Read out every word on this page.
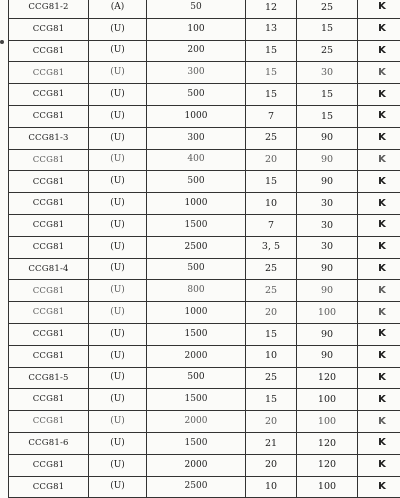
CCG81-2	(A)	50	12	25	K
CCG81	(U)	100	13	15	K
CCG81	(U)	200	15	25	K
CCG81	(U)	300	15	30	K
CCG81	(U)	500	15	15	K
CCG81	(U)	1000	7	15	K
CCG81-3	(U)	300	25	90	K
CCG81	(U)	400	20	90	K
CCG81	(U)	500	15	90	K
CCG81	(U)	1000	10	30	K
CCG81	(U)	1500	7	30	K
CCG81	(U)	2500	3, 5	30	K
CCG81-4	(U)	500	25	90	K
CCG81	(U)	800	25	90	K
CCG81	(U)	1000	20	100	K
CCG81	(U)	1500	15	90	K
CCG81	(U)	2000	10	90	K
CCG81-5	(U)	500	25	120	K
CCG81	(U)	1500	15	100	K
CCG81	(U)	2000	20	100	K
CCG81-6	(U)	1500	21	120	K
CCG81	(U)	2000	20	120	K
CCG81	(U)	2500	10	100	K
